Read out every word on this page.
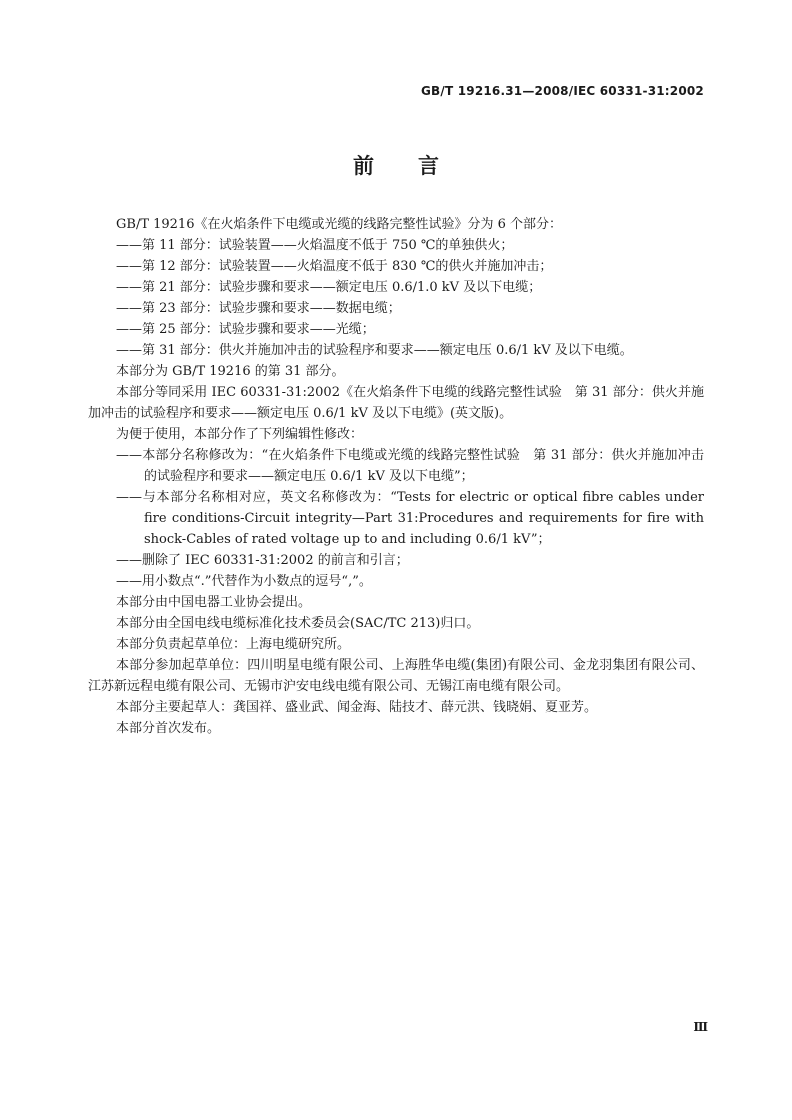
GB/T 19216.31—2008/IEC 60331-31:2002
前言

GB/T 19216《在火焰条件下电缆或光缆的线路完整性试验》分为 6 个部分：

——第 11 部分：试验装置——火焰温度不低于 750 ℃的单独供火；

——第 12 部分：试验装置——火焰温度不低于 830 ℃的供火并施加冲击；

——第 21 部分：试验步骤和要求——额定电压 0.6/1.0 kV 及以下电缆；

——第 23 部分：试验步骤和要求——数据电缆；

——第 25 部分：试验步骤和要求——光缆；

——第 31 部分：供火并施加冲击的试验程序和要求——额定电压 0.6/1 kV 及以下电缆。

本部分为 GB/T 19216 的第 31 部分。

本部分等同采用 IEC 60331-31:2002《在火焰条件下电缆的线路完整性试验　第 31 部分：供火并施加冲击的试验程序和要求——额定电压 0.6/1 kV 及以下电缆》(英文版)。

为便于使用，本部分作了下列编辑性修改：

——本部分名称修改为：“在火焰条件下电缆或光缆的线路完整性试验　第 31 部分：供火并施加冲击的试验程序和要求——额定电压 0.6/1 kV 及以下电缆”；

——与本部分名称相对应，英文名称修改为：“Tests for electric or optical fibre cables under fire conditions-Circuit integrity—Part 31:Procedures and requirements for fire with shock-Cables of rated voltage up to and including 0.6/1 kV”；

——删除了 IEC 60331-31:2002 的前言和引言；

——用小数点“.”代替作为小数点的逗号“,”。

本部分由中国电器工业协会提出。

本部分由全国电线电缆标准化技术委员会(SAC/TC 213)归口。

本部分负责起草单位：上海电缆研究所。

本部分参加起草单位：四川明星电缆有限公司、上海胜华电缆(集团)有限公司、金龙羽集团有限公司、江苏新远程电缆有限公司、无锡市沪安电线电缆有限公司、无锡江南电缆有限公司。

本部分主要起草人：龚国祥、盛业武、闻金海、陆技才、薛元洪、钱晓娟、夏亚芳。

本部分首次发布。

Ⅲ
